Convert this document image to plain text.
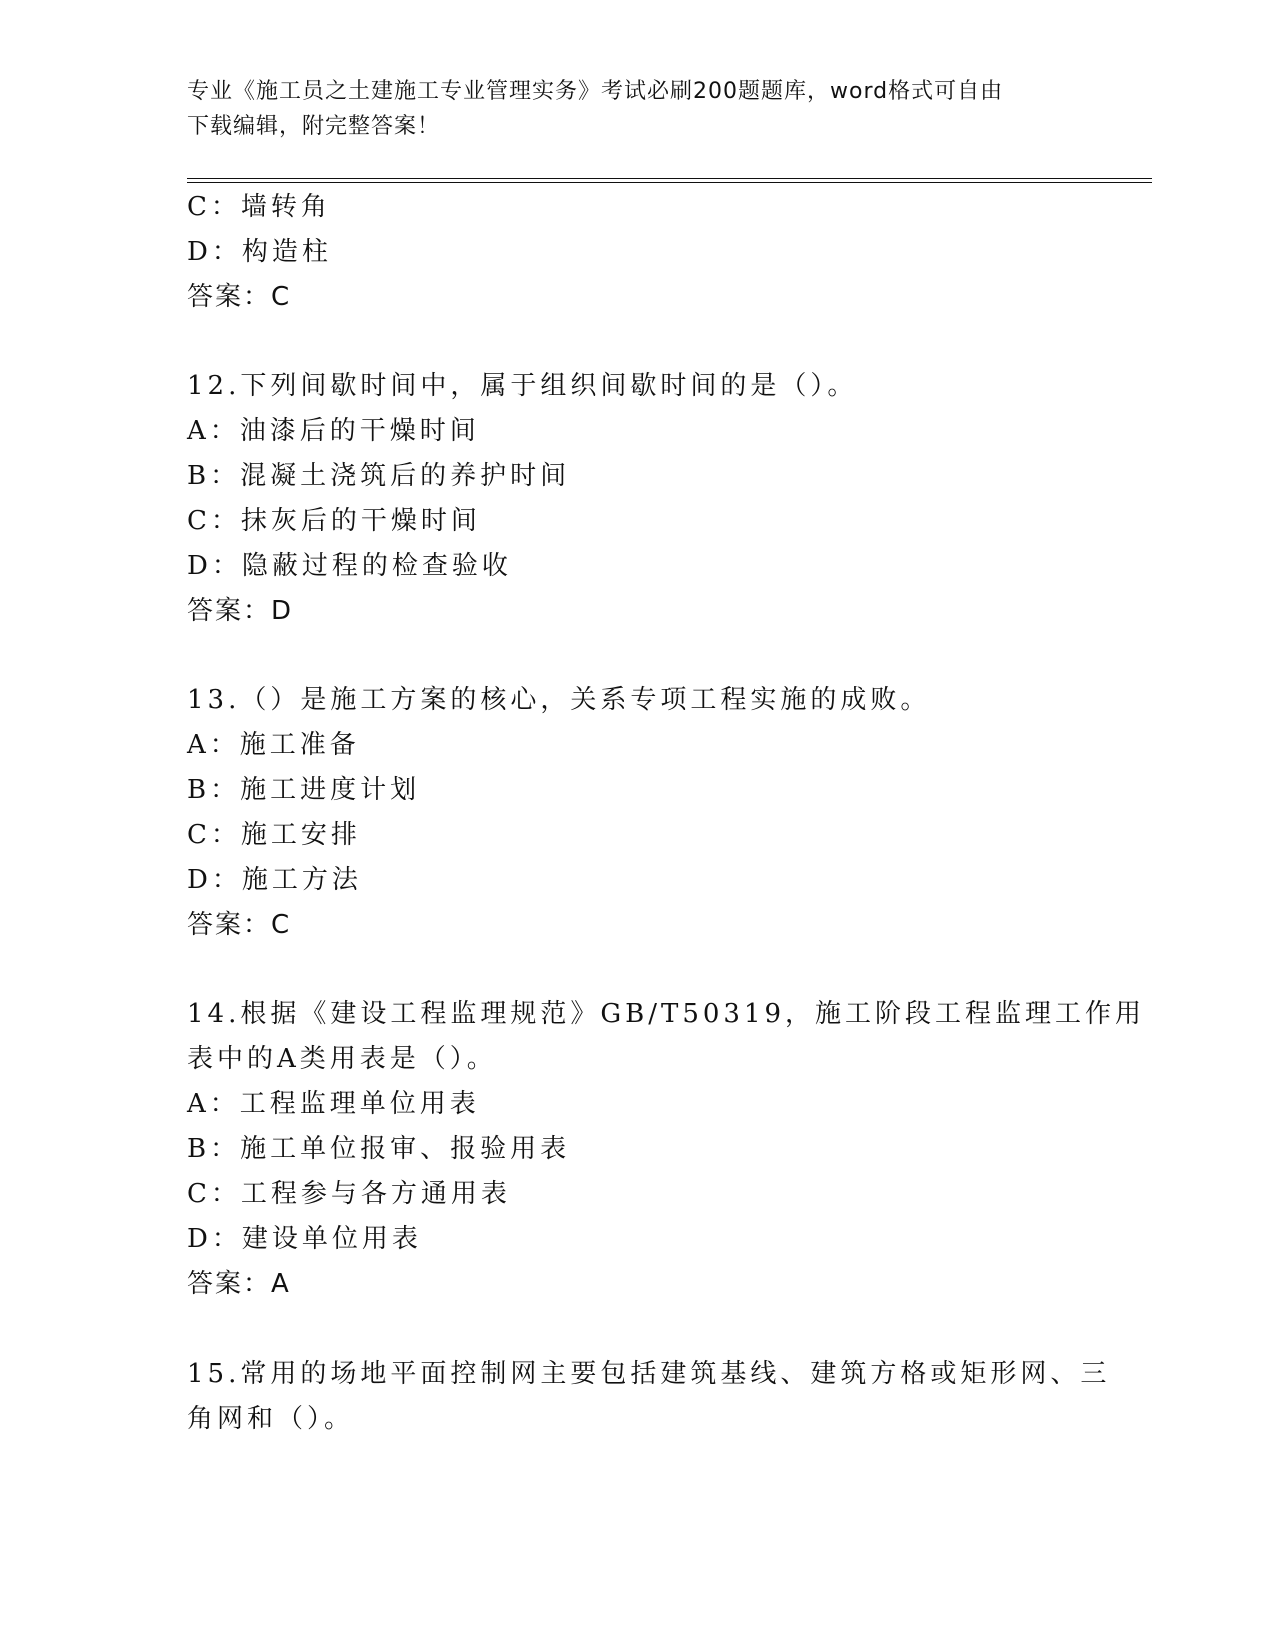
专业《施工员之土建施工专业管理实务》考试必刷200题题库，word格式可自由

下载编辑，附完整答案！

C：墙转角
D：构造柱
答案：C
12.下列间歇时间中，属于组织间歇时间的是（）。
A：油漆后的干燥时间
B：混凝土浇筑后的养护时间
C：抹灰后的干燥时间
D：隐蔽过程的检查验收
答案：D
13.（）是施工方案的核心，关系专项工程实施的成败。
A：施工准备
B：施工进度计划
C：施工安排
D：施工方法
答案：C
14.根据《建设工程监理规范》GB/T50319，施工阶段工程监理工作用
表中的A类用表是（）。
A：工程监理单位用表
B：施工单位报审、报验用表
C：工程参与各方通用表
D：建设单位用表
答案：A
15.常用的场地平面控制网主要包括建筑基线、建筑方格或矩形网、三
角网和（）。
